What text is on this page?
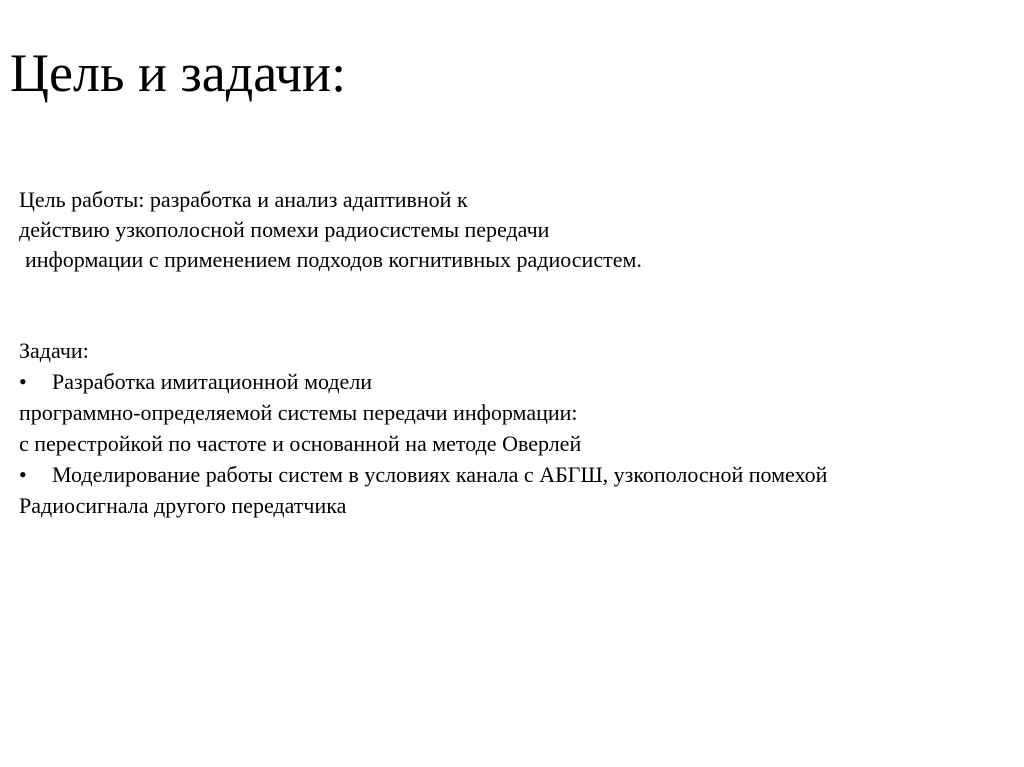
Цель и задачи:
Цель работы: разработка и анализ адаптивной к
действию узкополосной помехи радиосистемы передачи
информации с применением подходов когнитивных радиосистем.
Задачи:
• Разработка имитационной модели
программно-определяемой системы передачи информации:
с перестройкой по частоте и основанной на методе Оверлей
• Моделирование работы систем в условиях канала с АБГШ, узкополосной помехой
Радиосигнала другого передатчика
